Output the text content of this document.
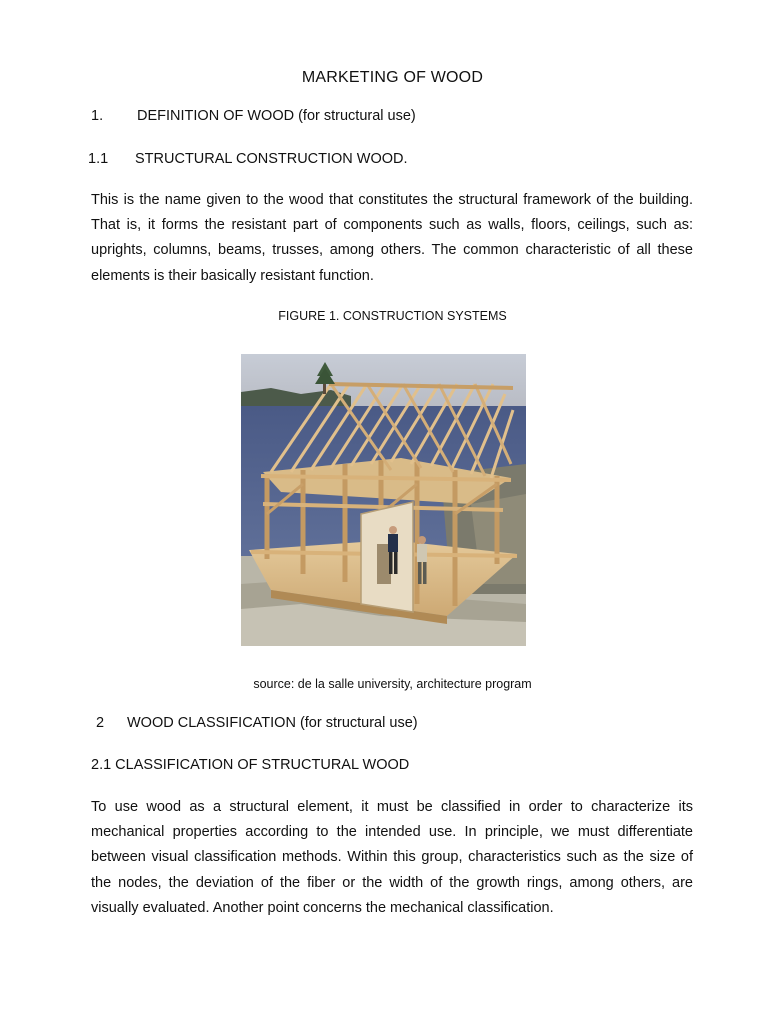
MARKETING OF WOOD
1. DEFINITION OF WOOD (for structural use)
1.1 STRUCTURAL CONSTRUCTION WOOD.

This is the name given to the wood that constitutes the structural framework of the building. That is, it forms the resistant part of components such as walls, floors, ceilings, such as: uprights, columns, beams, trusses, among others. The common characteristic of all these elements is their basically resistant function.

FIGURE 1. CONSTRUCTION SYSTEMS
source: de la salle university, architecture program
2 WOOD CLASSIFICATION (for structural use)
2.1 CLASSIFICATION OF STRUCTURAL WOOD

To use wood as a structural element, it must be classified in order to characterize its mechanical properties according to the intended use. In principle, we must differentiate between visual classification methods. Within this group, characteristics such as the size of the nodes, the deviation of the fiber or the width of the growth rings, among others, are visually evaluated. Another point concerns the mechanical classification.
